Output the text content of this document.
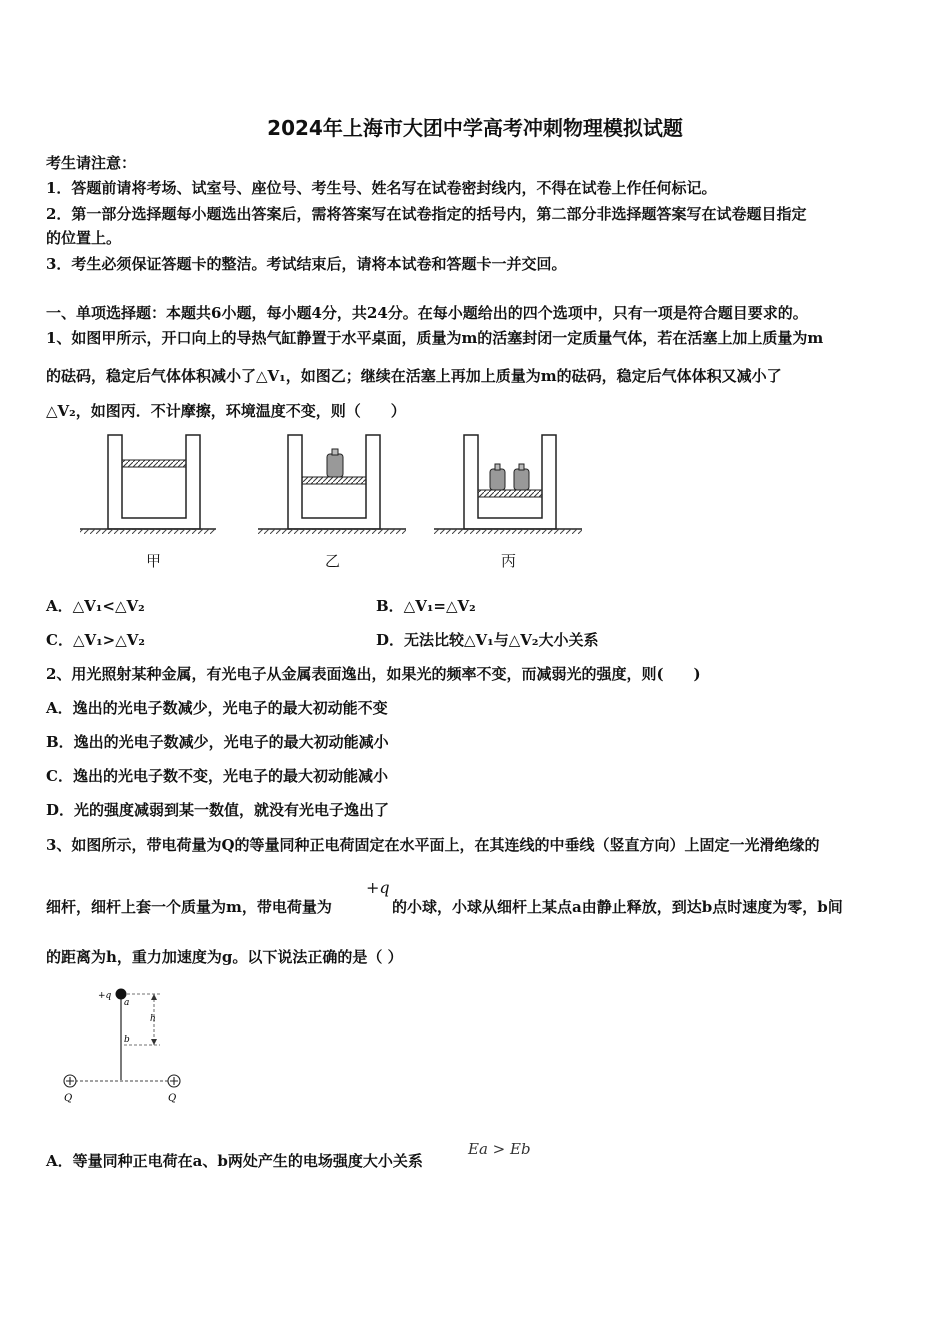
2024年上海市大团中学高考冲刺物理模拟试题
考生请注意：
1．答题前请将考场、试室号、座位号、考生号、姓名写在试卷密封线内，不得在试卷上作任何标记。
2．第一部分选择题每小题选出答案后，需将答案写在试卷指定的括号内，第二部分非选择题答案写在试卷题目指定
的位置上。
3．考生必须保证答题卡的整洁。考试结束后，请将本试卷和答题卡一并交回。
一、单项选择题：本题共6小题，每小题4分，共24分。在每小题给出的四个选项中，只有一项是符合题目要求的。
1、如图甲所示，开口向上的导热气缸静置于水平桌面，质量为m的活塞封闭一定质量气体，若在活塞上加上质量为m
的砝码，稳定后气体体积减小了△V₁，如图乙；继续在活塞上再加上质量为m的砝码，稳定后气体体积又减小了
△V₂，如图丙．不计摩擦，环境温度不变，则（　　）
甲	乙	丙
A．△V₁<△V₂	B．△V₁=△V₂
C．△V₁>△V₂	D．无法比较△V₁与△V₂大小关系
2、用光照射某种金属，有光电子从金属表面逸出，如果光的频率不变，而减弱光的强度，则(　　)
A．逸出的光电子数减少，光电子的最大初动能不变
B．逸出的光电子数减少，光电子的最大初动能减小
C．逸出的光电子数不变，光电子的最大初动能减小
D．光的强度减弱到某一数值，就没有光电子逸出了
3、如图所示，带电荷量为Q的等量同种正电荷固定在水平面上，在其连线的中垂线（竖直方向）上固定一光滑绝缘的
细杆，细杆上套一个质量为m，带电荷量为
+q
的小球，小球从细杆上某点a由静止释放，到达b点时速度为零，b间
的距离为h，重力加速度为g。以下说法正确的是（ ）
+q
a
b
h
Q	Q
A．等量同种正电荷在a、b两处产生的电场强度大小关系
Ea > Eb
